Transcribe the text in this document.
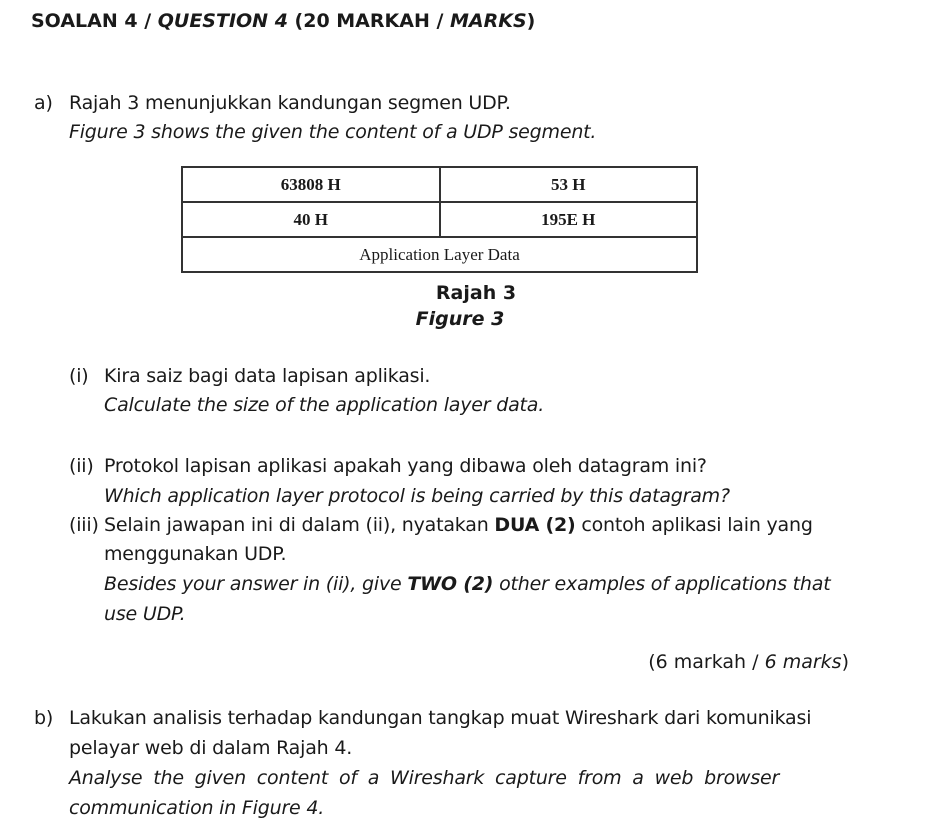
SOALAN 4 / QUESTION 4 (20 MARKAH / MARKS)
a) Rajah 3 menunjukkan kandungan segmen UDP.
Figure 3 shows the given the content of a UDP segment.
63808 H	53 H
40 H	195E H
Application Layer Data	
Rajah 3
Figure 3
(i) Kira saiz bagi data lapisan aplikasi.
Calculate the size of the application layer data.
(ii) Protokol lapisan aplikasi apakah yang dibawa oleh datagram ini?
Which application layer protocol is being carried by this datagram?
(iii) Selain jawapan ini di dalam (ii), nyatakan DUA (2) contoh aplikasi lain yang
menggunakan UDP.
Besides your answer in (ii), give TWO (2) other examples of applications that
use UDP.
(6 markah / 6 marks)
b) Lakukan analisis terhadap kandungan tangkap muat Wireshark dari komunikasi
pelayar web di dalam Rajah 4.
Analyse the given content of a Wireshark capture from a web browser
communication in Figure 4.
